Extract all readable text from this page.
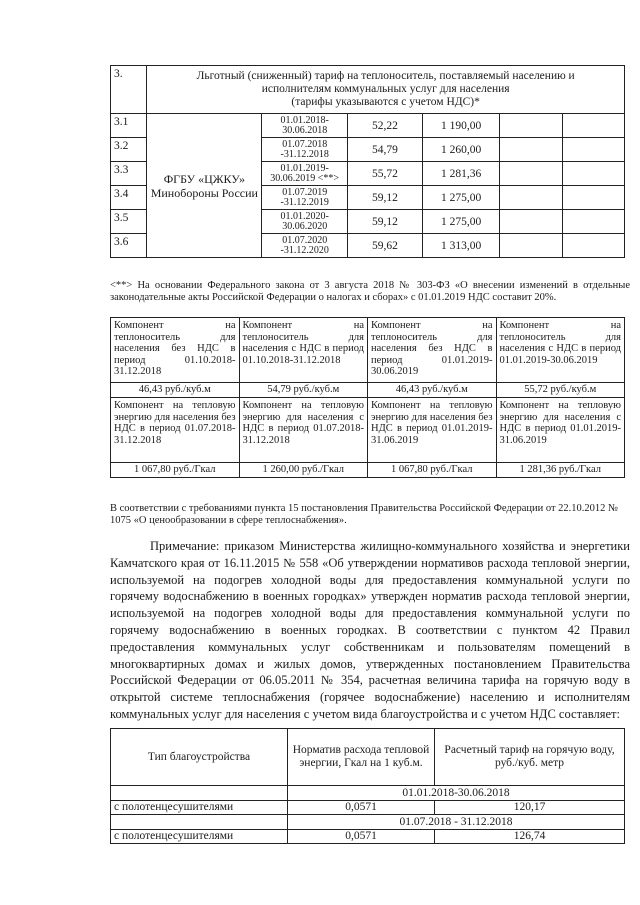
3.	Льготный (сниженный) тариф на теплоноситель, поставляемый населению и
исполнителям коммунальных услуг для населения
(тарифы указываются с учетом НДС)*					

3.1	ФГБУ «ЦЖКУ» Минобороны России	01.01.2018-30.06.2018	52,22	1 190,00		
3.2		01.07.2018 -31.12.2018	54,79	1 260,00		
3.3		01.01.2019-30.06.2019 <**>	55,72	1 281,36		
3.4		01.07.2019 -31.12.2019	59,12	1 275,00		
3.5		01.01.2020-30.06.2020	59,12	1 275,00		
3.6		01.07.2020 -31.12.2020	59,62	1 313,00		
<**> На основании Федерального закона от 3 августа 2018 № 303-ФЗ «О внесении изменений в отдельные законодательные акты Российской Федерации о налогах и сборах» с 01.01.2019 НДС составит 20%.
Компонент на теплоноситель для населения без НДС в период 01.10.2018-31.12.2018	Компонент на теплоноситель для населения с НДС в период 01.10.2018-31.12.2018	Компонент на теплоноситель для населения без НДС в период 01.01.2019-30.06.2019	Компонент на теплоноситель для населения с НДС в период 01.01.2019-30.06.2019
46,43 руб./куб.м	54,79 руб./куб.м	46,43 руб./куб.м	55,72 руб./куб.м
Компонент на тепловую энергию для населения без НДС в период 01.07.2018-31.12.2018	Компонент на тепловую энергию для населения с НДС в период 01.07.2018-31.12.2018	Компонент на тепловую энергию для населения без НДС в период 01.01.2019-31.06.2019	Компонент на тепловую энергию для населения с НДС в период 01.01.2019-31.06.2019
1 067,80 руб./Гкал	1 260,00 руб./Гкал	1 067,80 руб./Гкал	1 281,36 руб./Гкал
В соответствии с требованиями пункта 15 постановления Правительства Российской Федерации от 22.10.2012 № 1075 «О ценообразовании в сфере теплоснабжения».
Примечание: приказом Министерства жилищно-коммунального хозяйства и энергетики Камчатского края от 16.11.2015 № 558 «Об утверждении нормативов расхода тепловой энергии, используемой на подогрев холодной воды для предоставления коммунальной услуги по горячему водоснабжению в военных городках» утвержден норматив расхода тепловой энергии, используемой на подогрев холодной воды для предоставления коммунальной услуги по горячему водоснабжению в военных городках. В соответствии с пунктом 42 Правил предоставления коммунальных услуг собственникам и пользователям помещений в многоквартирных домах и жилых домов, утвержденных постановлением Правительства Российской Федерации от 06.05.2011 № 354, расчетная величина тарифа на горячую воду в открытой системе теплоснабжения (горячее водоснабжение) населению и исполнителям коммунальных услуг для населения с учетом вида благоустройства и с учетом НДС составляет:
Тип благоустройства	Норматив расхода тепловой энергии, Гкал на 1 куб.м.	Расчетный тариф на горячую воду, руб./куб. метр
	01.01.2018-30.06.2018	
с полотенцесушителями	0,0571	120,17
	01.07.2018 - 31.12.2018	
с полотенцесушителями	0,0571	126,74
